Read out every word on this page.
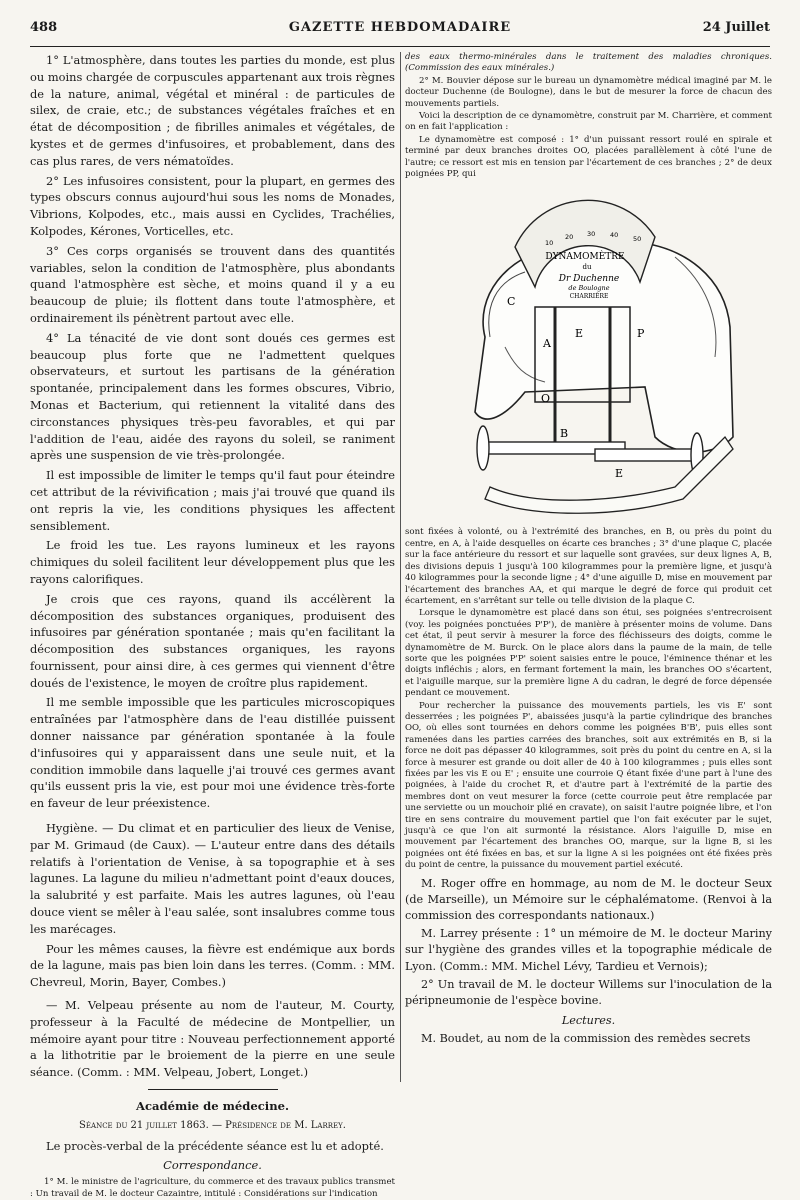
488	GAZETTE HEBDOMADAIRE	24 Juillet

1° L'atmosphère, dans toutes les parties du monde, est plus ou moins chargée de corpuscules appartenant aux trois règnes de la nature, animal, végétal et minéral : de particules de silex, de craie, etc.; de substances végétales fraîches et en état de décomposition ; de fibrilles animales et végétales, de kystes et de germes d'infusoires, et probablement, dans des cas plus rares, de vers nématoïdes.

2° Les infusoires consistent, pour la plupart, en germes des types obscurs connus aujourd'hui sous les noms de Monades, Vibrions, Kolpodes, etc., mais aussi en Cyclides, Trachélies, Kolpodes, Kérones, Vorticelles, etc.

3° Ces corps organisés se trouvent dans des quantités variables, selon la condition de l'atmosphère, plus abondants quand l'atmosphère est sèche, et moins quand il y a eu beaucoup de pluie; ils flottent dans toute l'atmosphère, et ordinairement ils pénètrent partout avec elle.

4° La ténacité de vie dont sont doués ces germes est beaucoup plus forte que ne l'admettent quelques observateurs, et surtout les partisans de la génération spontanée, principalement dans les formes obscures, Vibrio, Monas et Bacterium, qui retiennent la vitalité dans des circonstances physiques très-peu favorables, et qui par l'addition de l'eau, aidée des rayons du soleil, se raniment après une suspension de vie très-prolongée.

Il est impossible de limiter le temps qu'il faut pour éteindre cet attribut de la réviviﬁcation ; mais j'ai trouvé que quand ils ont repris la vie, les conditions physiques les affectent sensiblement.

Le froid les tue. Les rayons lumineux et les rayons chimiques du soleil facilitent leur développement plus que les rayons calorifiques.

Je crois que ces rayons, quand ils accélèrent la décomposition des substances organiques, produisent des infusoires par génération spontanée ; mais qu'en facilitant la décomposition des substances organiques, les rayons fournissent, pour ainsi dire, à ces germes qui viennent d'être doués de l'existence, le moyen de croître plus rapidement.

Il me semble impossible que les particules microscopiques entraînées par l'atmosphère dans de l'eau distillée puissent donner naissance par génération spontanée à la foule d'infusoires qui y apparaissent dans une seule nuit, et la condition immobile dans laquelle j'ai trouvé ces germes avant qu'ils eussent pris la vie, est pour moi une évidence très-forte en faveur de leur préexistence.

Hygiène. — Du climat et en particulier des lieux de Venise, par M. Grimaud (de Caux). — L'auteur entre dans des détails relatifs à l'orientation de Venise, à sa topographie et à ses lagunes. La lagune du milieu n'admettant point d'eaux douces, la salubrité y est parfaite. Mais les autres lagunes, où l'eau douce vient se mêler à l'eau salée, sont insalubres comme tous les marécages.

Pour les mêmes causes, la fièvre est endémique aux bords de la lagune, mais pas bien loin dans les terres. (Comm. : MM. Chevreul, Morin, Bayer, Combes.)

— M. Velpeau présente au nom de l'auteur, M. Courty, professeur à la Faculté de médecine de Montpellier, un mémoire ayant pour titre : Nouveau perfectionnement apporté a la lithotritie par le broiement de la pierre en une seule séance. (Comm. : MM. Velpeau, Jobert, Longet.)

Académie de médecine.

Séance du 21 juillet 1863. — Présidence de M. Larrey.

Le procès-verbal de la précédente séance est lu et adopté.

Correspondance.

1° M. le ministre de l'agriculture, du commerce et des travaux publics transmet : Un travail de M. le docteur Cazaintre, intitulé : Considérations sur l'indication

des eaux thermo-minérales dans le traitement des maladies chroniques. (Commission des eaux minérales.)

2° M. Bouvier dépose sur le bureau un dynamomètre médical imaginé par M. le docteur Duchenne (de Boulogne), dans le but de mesurer la force de chacun des mouvements partiels.

Voici la description de ce dynamomètre, construit par M. Charrière, et comment on en fait l'application :

Le dynamomètre est composé : 1° d'un puissant ressort roulé en spirale et terminé par deux branches droites OO, placées parallèlement à côté l'une de l'autre; ce ressort est mis en tension par l'écartement de ces branches ; 2° de deux poignées PP, qui

DYNAMOMÈTRE
du
Dr Duchenne
de Boulogne
CHARRIÈRE
10
20 30 40 50
C
A
E	P
O
B
E

sont fixées à volonté, ou à l'extrémité des branches, en B, ou près du point du centre, en A, à l'aide desquelles on écarte ces branches ; 3° d'une plaque C, placée sur la face antérieure du ressort et sur laquelle sont gravées, sur deux lignes A, B, des divisions depuis 1 jusqu'à 100 kilogrammes pour la première ligne, et jusqu'à 40 kilogrammes pour la seconde ligne ; 4° d'une aiguille D, mise en mouvement par l'écartement des branches AA, et qui marque le degré de force qui produit cet écartement, en s'arrêtant sur telle ou telle division de la plaque C.

Lorsque le dynamomètre est placé dans son étui, ses poignées s'entrecroisent (voy. les poignées ponctuées P'P'), de manière à présenter moins de volume. Dans cet état, il peut servir à mesurer la force des fléchisseurs des doigts, comme le dynamomètre de M. Burck. On le place alors dans la paume de la main, de telle sorte que les poignées P'P' soient saisies entre le pouce, l'éminence thénar et les doigts infléchis ; alors, en fermant fortement la main, les branches OO s'écartent, et l'aiguille marque, sur la première ligne A du cadran, le degré de force dépensée pendant ce mouvement.

Pour rechercher la puissance des mouvements partiels, les vis E' sont desserrées ; les poignées P', abaissées jusqu'à la partie cylindrique des branches OO, où elles sont tournées en dehors comme les poignées B'B', puis elles sont ramenées dans les parties carrées des branches, soit aux extrémités en B, si la force ne doit pas dépasser 40 kilogrammes, soit près du point du centre en A, si la force à mesurer est grande ou doit aller de 40 à 100 kilogrammes ; puis elles sont fixées par les vis E ou E' ; ensuite une courroie Q étant fixée d'une part à l'une des poignées, à l'aide du crochet R, et d'autre part à l'extrémité de la partie des membres dont on veut mesurer la force (cette courroie peut être remplacée par une serviette ou un mouchoir plié en cravate), on saisit l'autre poignée libre, et l'on tire en sens contraire du mouvement partiel que l'on fait exécuter par le sujet, jusqu'à ce que l'on ait surmonté la résistance. Alors l'aiguille D, mise en mouvement par l'écartement des branches OO, marque, sur la ligne B, si les poignées ont été fixées en bas, et sur la ligne A si les poignées ont été fixées près du point de centre, la puissance du mouvement partiel exécuté.

M. Roger offre en hommage, au nom de M. le docteur Seux (de Marseille), un Mémoire sur le céphalématome. (Renvoi à la commission des correspondants nationaux.)

M. Larrey présente : 1° un mémoire de M. le docteur Mariny sur l'hygiène des grandes villes et la topographie médicale de Lyon. (Comm.: MM. Michel Lévy, Tardieu et Vernois);

2° Un travail de M. le docteur Willems sur l'inoculation de la péripneumonie de l'espèce bovine.

Lectures.

M. Boudet, au nom de la commission des remèdes secrets
